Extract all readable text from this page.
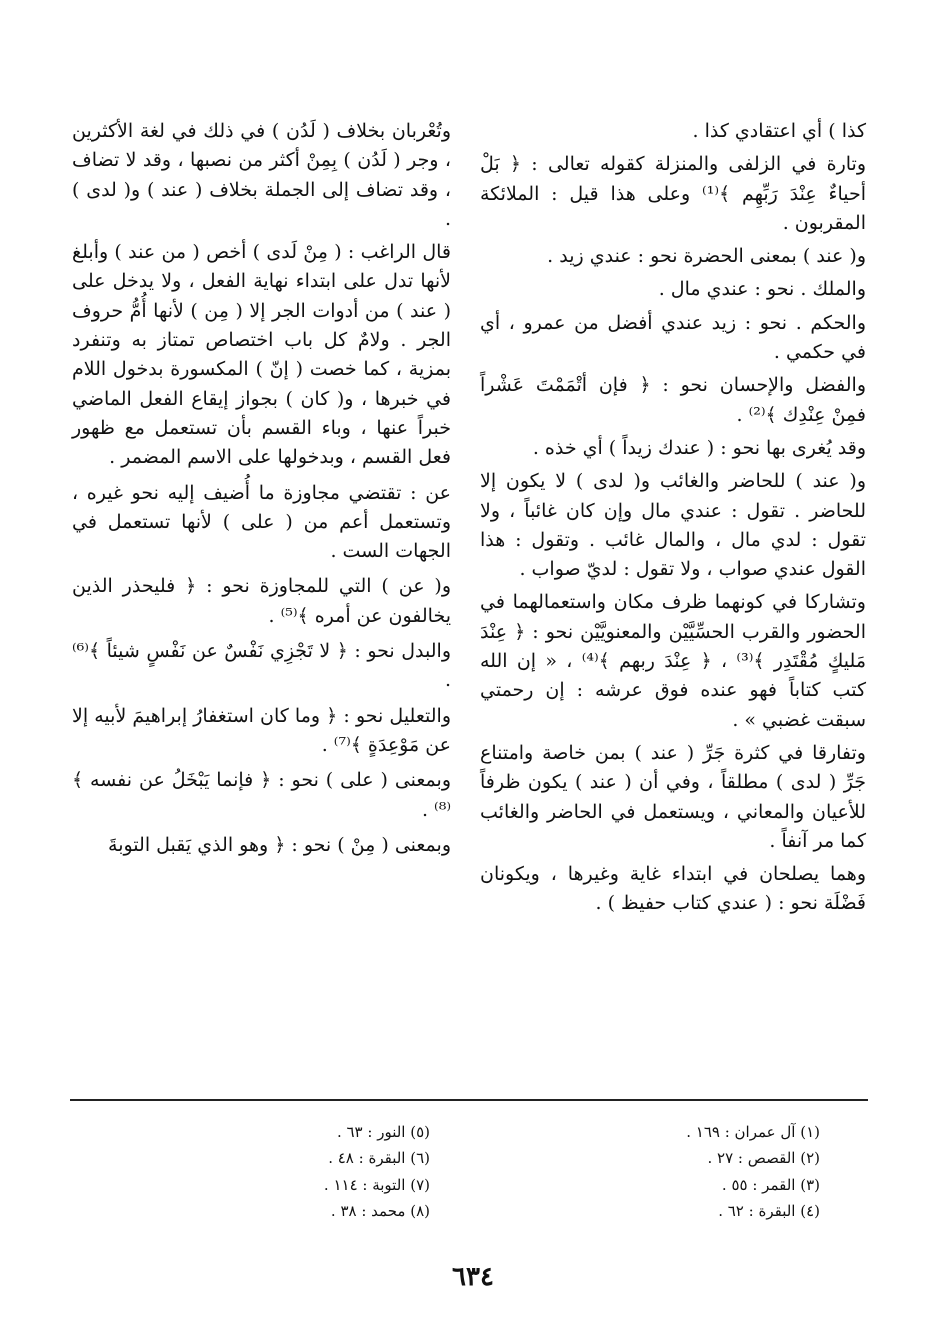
كذا ) أي اعتقادي كذا .

وتارة في الزلفى والمنزلة كقوله تعالى : ﴿ بَلْ أحياءٌ عِنْدَ رَبِّهِم ﴾⁽¹⁾ وعلى هذا قيل : الملائكة المقربون .

و( عند ) بمعنى الحضرة نحو : عندي زيد .

والملك . نحو : عندي مال .

والحكم . نحو : زيد عندي أفضل من عمرو ، أي في حكمي .

والفضل والإحسان نحو : ﴿ فإن أتْمَمْتَ عَشْراً فمِنْ عِنْدِك ﴾⁽²⁾ .

وقد يُغرى بها نحو : ( عندك زيداً ) أي خذه .

و( عند ) للحاضر والغائب و( لدى ) لا يكون إلا للحاضر . تقول : عندي مال وإن كان غائباً ، ولا تقول : لدي مال ، والمال غائب . وتقول : هذا القول عندي صواب ، ولا تقول : لديّ صواب .

وتشاركا في كونهما ظرف مكان واستعمالهما في الحضور والقرب الحسِّيَّيْن والمعنويَّيْن نحو : ﴿ عِنْدَ مَليكٍ مُقْتَدِر ﴾⁽³⁾ ، ﴿ عِنْدَ ربهم ﴾⁽⁴⁾ ، « إن الله كتب كتاباً فهو عنده فوق عرشه : إن رحمتي سبقت غضبي » .

وتفارقا في كثرة جَرِّ ( عند ) بمن خاصة وامتناع جَرِّ ( لدى ) مطلقاً ، وفي أن ( عند ) يكون ظرفاً للأعيان والمعاني ، ويستعمل في الحاضر والغائب كما مر آنفاً .

وهما يصلحان في ابتداء غاية وغيرها ، ويكونان فَضْلَة نحو : ( عندي كتاب حفيظ ) .

وتُعْربان بخلاف ( لَدُن ) في ذلك في لغة الأكثرين ، وجر ( لَدُن ) بِمِنْ أكثر من نصبها ، وقد لا تضاف ، وقد تضاف إلى الجملة بخلاف ( عند ) و( لدى ) .

قال الراغب : ( مِنْ لَدى ) أخص ( من عند ) وأبلغ لأنها تدل على ابتداء نهاية الفعل ، ولا يدخل على ( عند ) من أدوات الجر إلا ( مِن ) لأنها أُمُّ حروف الجر . ولامٌ كل باب اختصاص تمتاز به وتنفرد بمزية ، كما خصت ( إنّ ) المكسورة بدخول اللام في خبرها ، و( كان ) بجواز إيقاع الفعل الماضي خبراً عنها ، وباء القسم بأن تستعمل مع ظهور فعل القسم ، وبدخولها على الاسم المضمر .

عن : تقتضي مجاوزة ما أُضيف إليه نحو غيره ، وتستعمل أعم من ( على ) لأنها تستعمل في الجهات الست .

و( عن ) التي للمجاوزة نحو : ﴿ فليحذر الذين يخالفون عن أمره ﴾⁽⁵⁾ .

والبدل نحو : ﴿ لا تَجْزِي نَفْسٌ عن نَفْسٍ شيئاً ﴾⁽⁶⁾ .

والتعليل نحو : ﴿ وما كان استغفارُ إبراهيمَ لأبيه إلا عن مَوْعِدَةٍ ﴾⁽⁷⁾ .

وبمعنى ( على ) نحو : ﴿ فإنما يَبْخَلُ عن نفسه ﴾⁽⁸⁾ .

وبمعنى ( مِنْ ) نحو : ﴿ وهو الذي يَقبل التوبةَ

(١) آل عمران : ١٦٩ .
(٢) القصص : ٢٧ .
(٣) القمر : ٥٥ .
(٤) البقرة : ٦٢ .
(٥) النور : ٦٣ .
(٦) البقرة : ٤٨ .
(٧) التوبة : ١١٤ .
(٨) محمد : ٣٨ .
٦٣٤
